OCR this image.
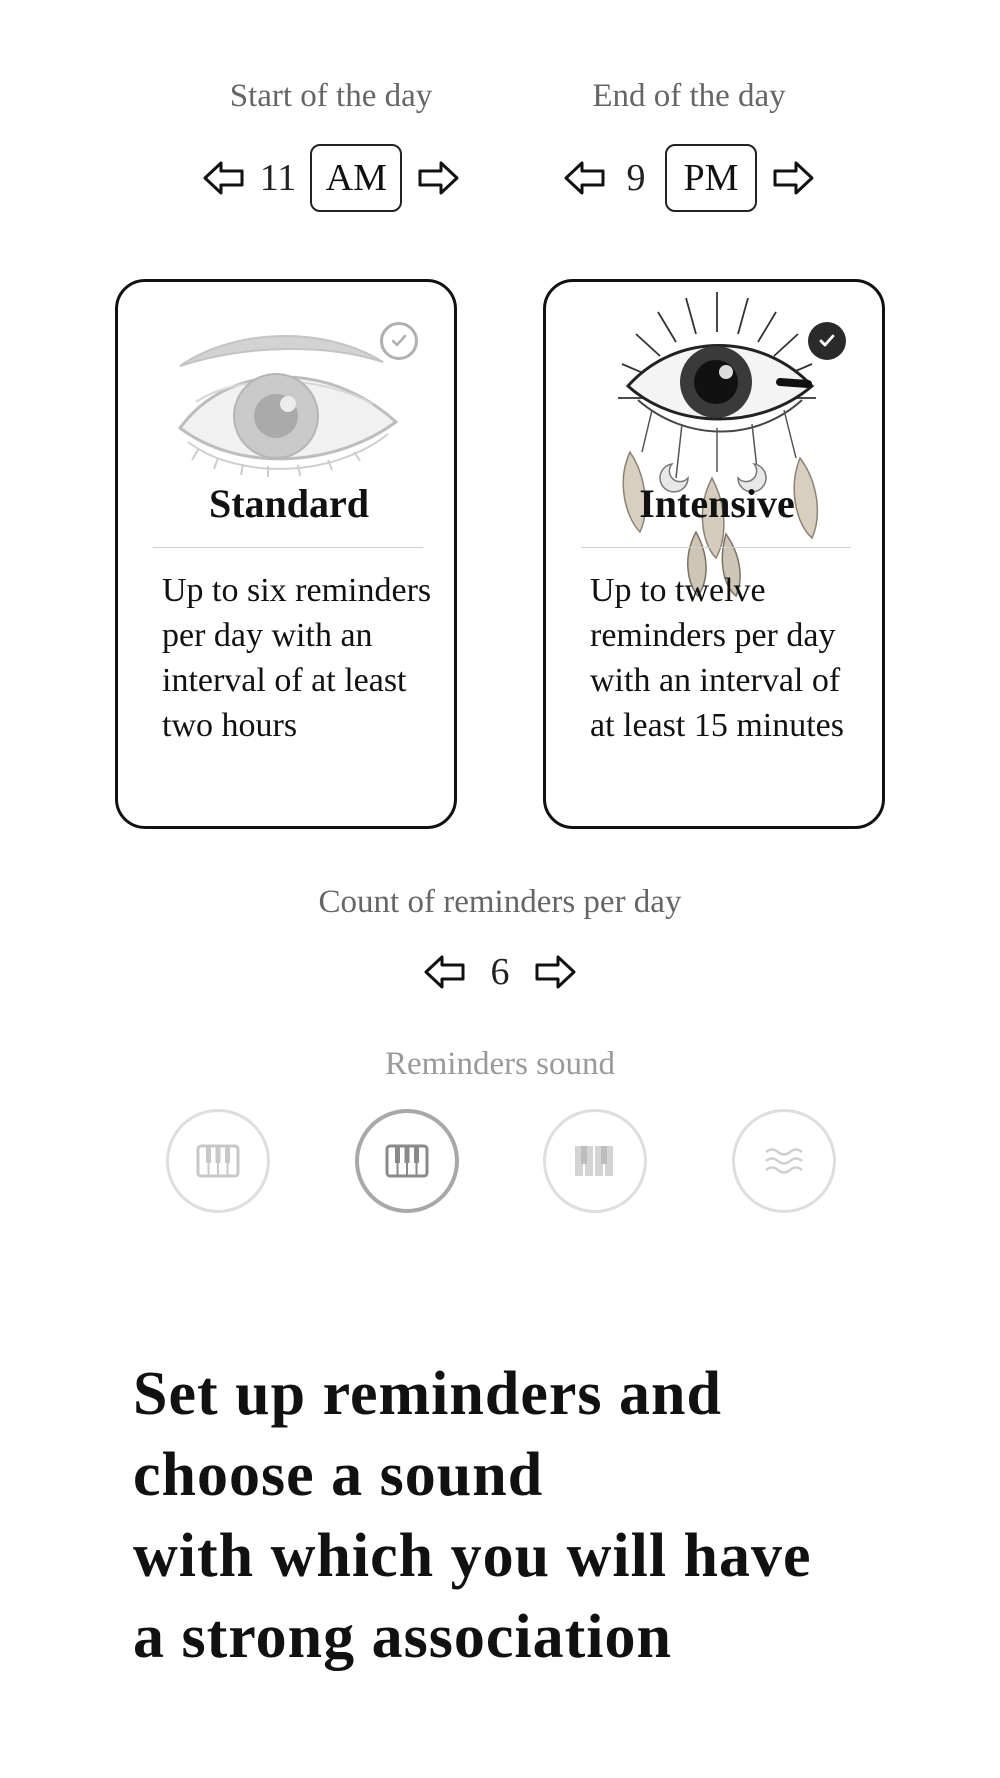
Start of the day
11 AM
End of the day
9	PM
Standard
Up to six reminders per day with an interval of at least two hours
Intensive
Up to twelve reminders per day with an interval of at least 15 minutes
Count of reminders per day
6
Reminders sound
Set up reminders and
choose a sound
with which you will have
a strong association
